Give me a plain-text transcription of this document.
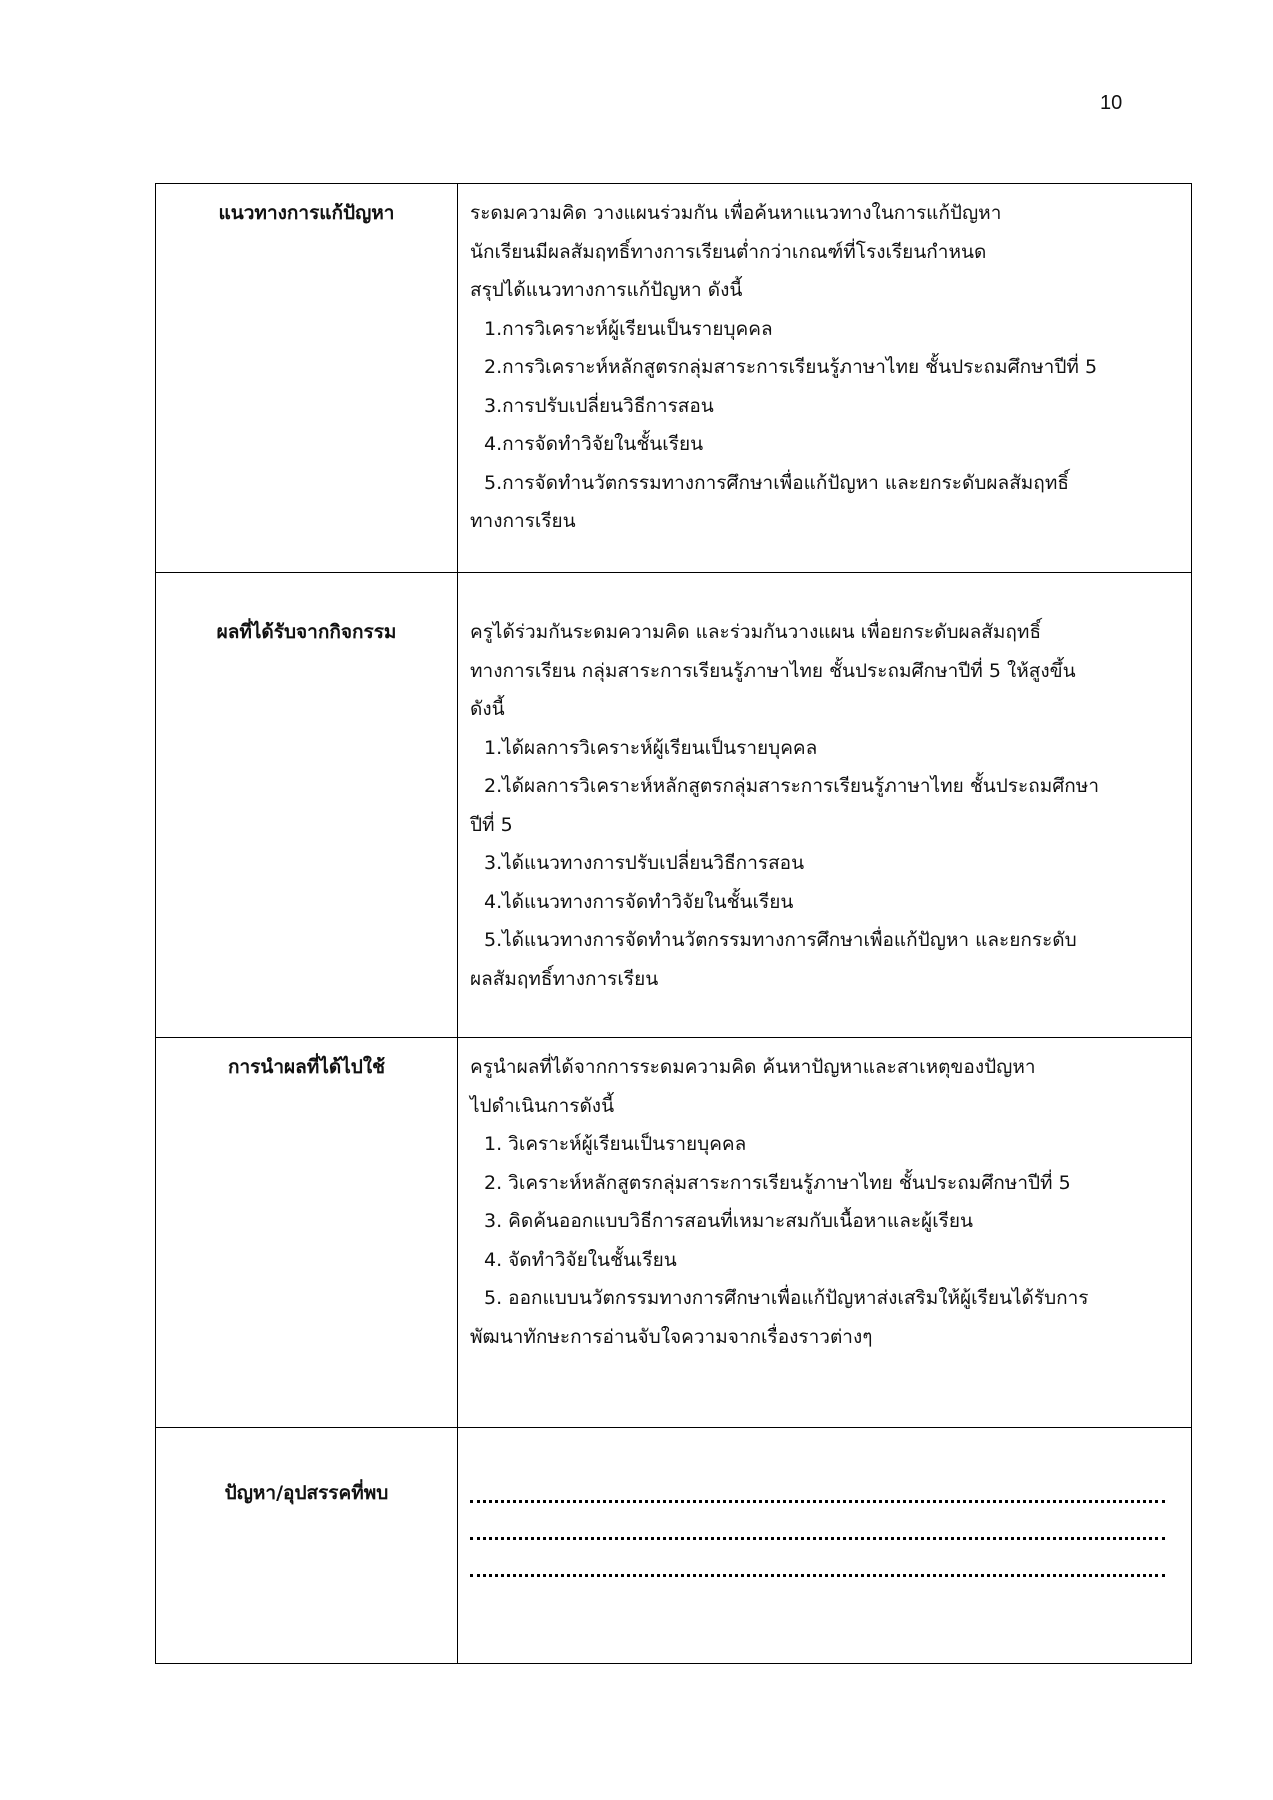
10
แนวทางการแก้ปัญหา	ระดมความคิด วางแผนร่วมกัน เพื่อค้นหาแนวทางในการแก้ปัญหา

นักเรียนมีผลสัมฤทธิ์ทางการเรียนต่ำกว่าเกณฑ์ที่โรงเรียนกำหนด

สรุปได้แนวทางการแก้ปัญหา ดังนี้

1.การวิเคราะห์ผู้เรียนเป็นรายบุคคล

2.การวิเคราะห์หลักสูตรกลุ่มสาระการเรียนรู้ภาษาไทย ชั้นประถมศึกษาปีที่ 5

3.การปรับเปลี่ยนวิธีการสอน

4.การจัดทำวิจัยในชั้นเรียน

5.การจัดทำนวัตกรรมทางการศึกษาเพื่อแก้ปัญหา และยกระดับผลสัมฤทธิ์

ทางการเรียน

ผลที่ได้รับจากกิจกรรม	ครูได้ร่วมกันระดมความคิด และร่วมกันวางแผน เพื่อยกระดับผลสัมฤทธิ์

ทางการเรียน กลุ่มสาระการเรียนรู้ภาษาไทย ชั้นประถมศึกษาปีที่ 5 ให้สูงขึ้น

ดังนี้

1.ได้ผลการวิเคราะห์ผู้เรียนเป็นรายบุคคล

2.ได้ผลการวิเคราะห์หลักสูตรกลุ่มสาระการเรียนรู้ภาษาไทย ชั้นประถมศึกษา

ปีที่ 5

3.ได้แนวทางการปรับเปลี่ยนวิธีการสอน

4.ได้แนวทางการจัดทำวิจัยในชั้นเรียน

5.ได้แนวทางการจัดทำนวัตกรรมทางการศึกษาเพื่อแก้ปัญหา และยกระดับ

ผลสัมฤทธิ์ทางการเรียน

การนำผลที่ได้ไปใช้	ครูนำผลที่ได้จากการระดมความคิด ค้นหาปัญหาและสาเหตุของปัญหา

ไปดำเนินการดังนี้

1. วิเคราะห์ผู้เรียนเป็นรายบุคคล

2. วิเคราะห์หลักสูตรกลุ่มสาระการเรียนรู้ภาษาไทย ชั้นประถมศึกษาปีที่ 5

3. คิดค้นออกแบบวิธีการสอนที่เหมาะสมกับเนื้อหาและผู้เรียน

4. จัดทำวิจัยในชั้นเรียน

5. ออกแบบนวัตกรรมทางการศึกษาเพื่อแก้ปัญหาส่งเสริมให้ผู้เรียนได้รับการ

พัฒนาทักษะการอ่านจับใจความจากเรื่องราวต่างๆ

ปัญหา/อุปสรรคที่พบ	
